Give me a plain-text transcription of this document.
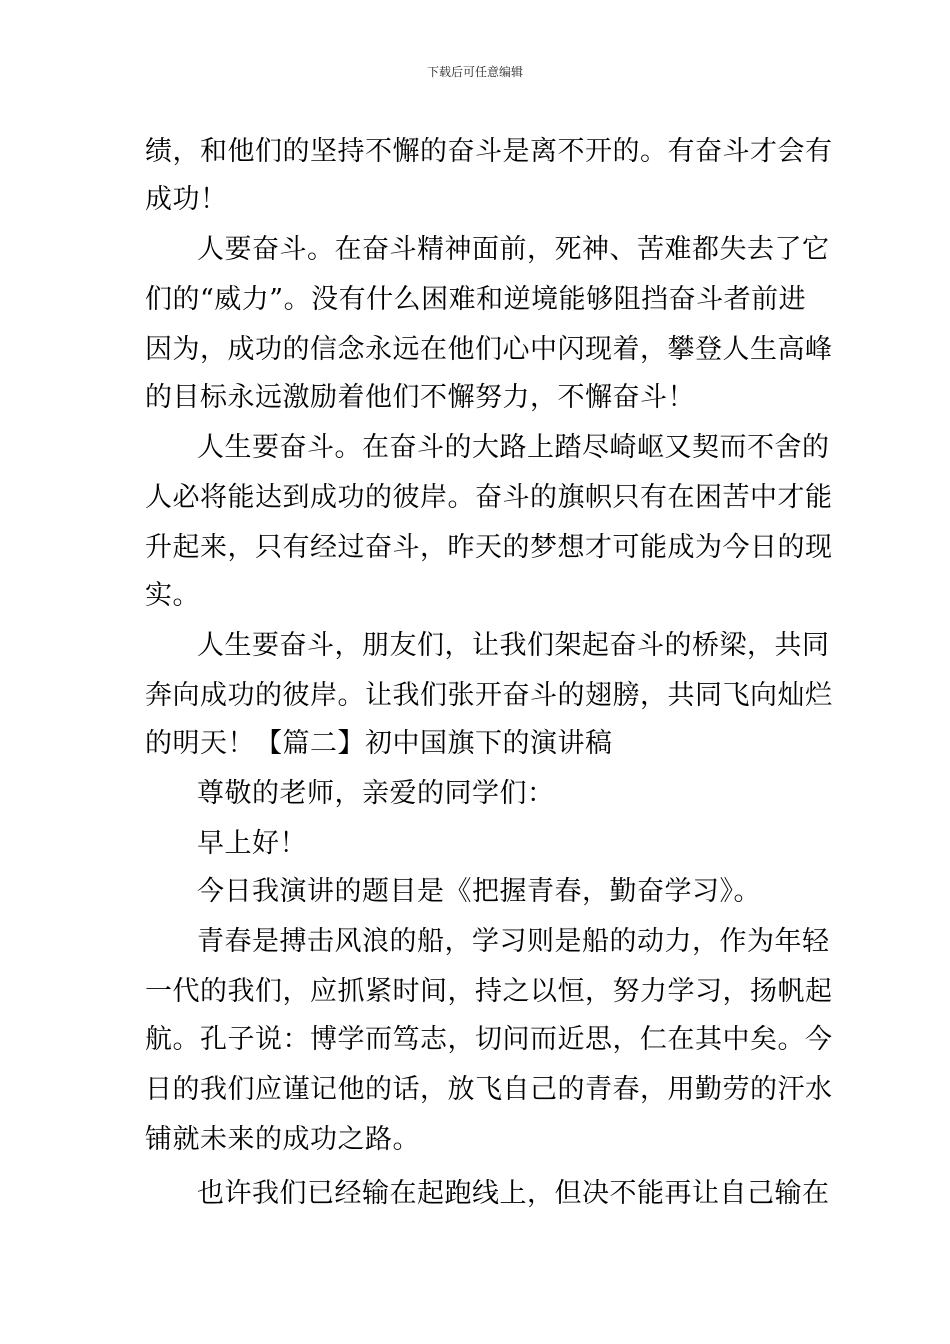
下载后可任意编辑
绩，和他们的坚持不懈的奋斗是离不开的。有奋斗才会有
成功！
人要奋斗。在奋斗精神面前，死神、苦难都失去了它
们的“威力”。没有什么困难和逆境能够阻挡奋斗者前进
因为，成功的信念永远在他们心中闪现着，攀登人生高峰
的目标永远激励着他们不懈努力，不懈奋斗！
人生要奋斗。在奋斗的大路上踏尽崎岖又契而不舍的
人必将能达到成功的彼岸。奋斗的旗帜只有在困苦中才能
升起来，只有经过奋斗，昨天的梦想才可能成为今日的现
实。
人生要奋斗，朋友们，让我们架起奋斗的桥梁，共同
奔向成功的彼岸。让我们张开奋斗的翅膀，共同飞向灿烂
的明天！【篇二】初中国旗下的演讲稿
尊敬的老师，亲爱的同学们：
早上好！
今日我演讲的题目是《把握青春，勤奋学习》。
青春是搏击风浪的船，学习则是船的动力，作为年轻
一代的我们，应抓紧时间，持之以恒，努力学习，扬帆起
航。孔子说：博学而笃志，切问而近思，仁在其中矣。今
日的我们应谨记他的话，放飞自己的青春，用勤劳的汗水
铺就未来的成功之路。
也许我们已经输在起跑线上，但决不能再让自己输在
